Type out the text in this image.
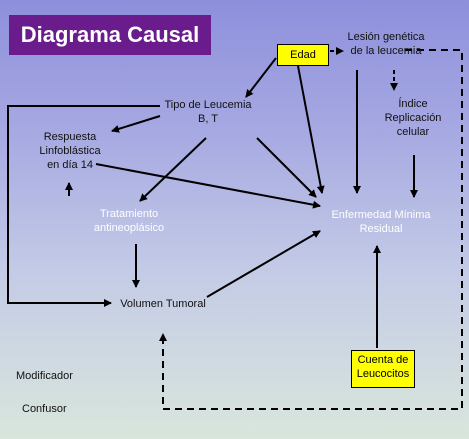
Diagrama Causal
Edad
Lesión genética
de la leucemia
Índice
Replicación
celular
Tipo de Leucemia
B, T
Respuesta
Linfoblástica
en día 14
Tratamiento
antineoplásico
Enfermedad Mínima
Residual
Volumen Tumoral
Cuenta de
Leucocitos
Modificador
Confusor
